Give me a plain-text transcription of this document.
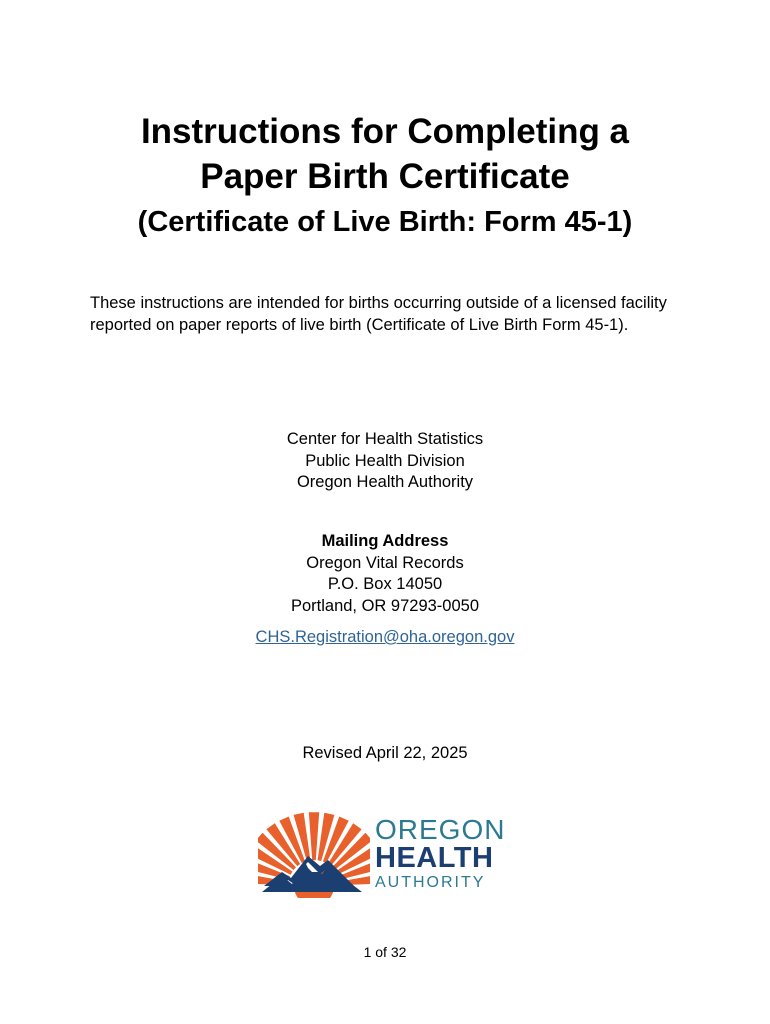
Instructions for Completing a
Paper Birth Certificate
(Certificate of Live Birth: Form 45-1)
These instructions are intended for births occurring outside of a licensed facility
reported on paper reports of live birth (Certificate of Live Birth Form 45-1).
Center for Health Statistics
Public Health Division
Oregon Health Authority
Mailing Address
Oregon Vital Records
P.O. Box 14050
Portland, OR 97293-0050
CHS.Registration@oha.oregon.gov
Revised April 22, 2025
OREGON
HEALTH
AUTHORITY
1 of 32
